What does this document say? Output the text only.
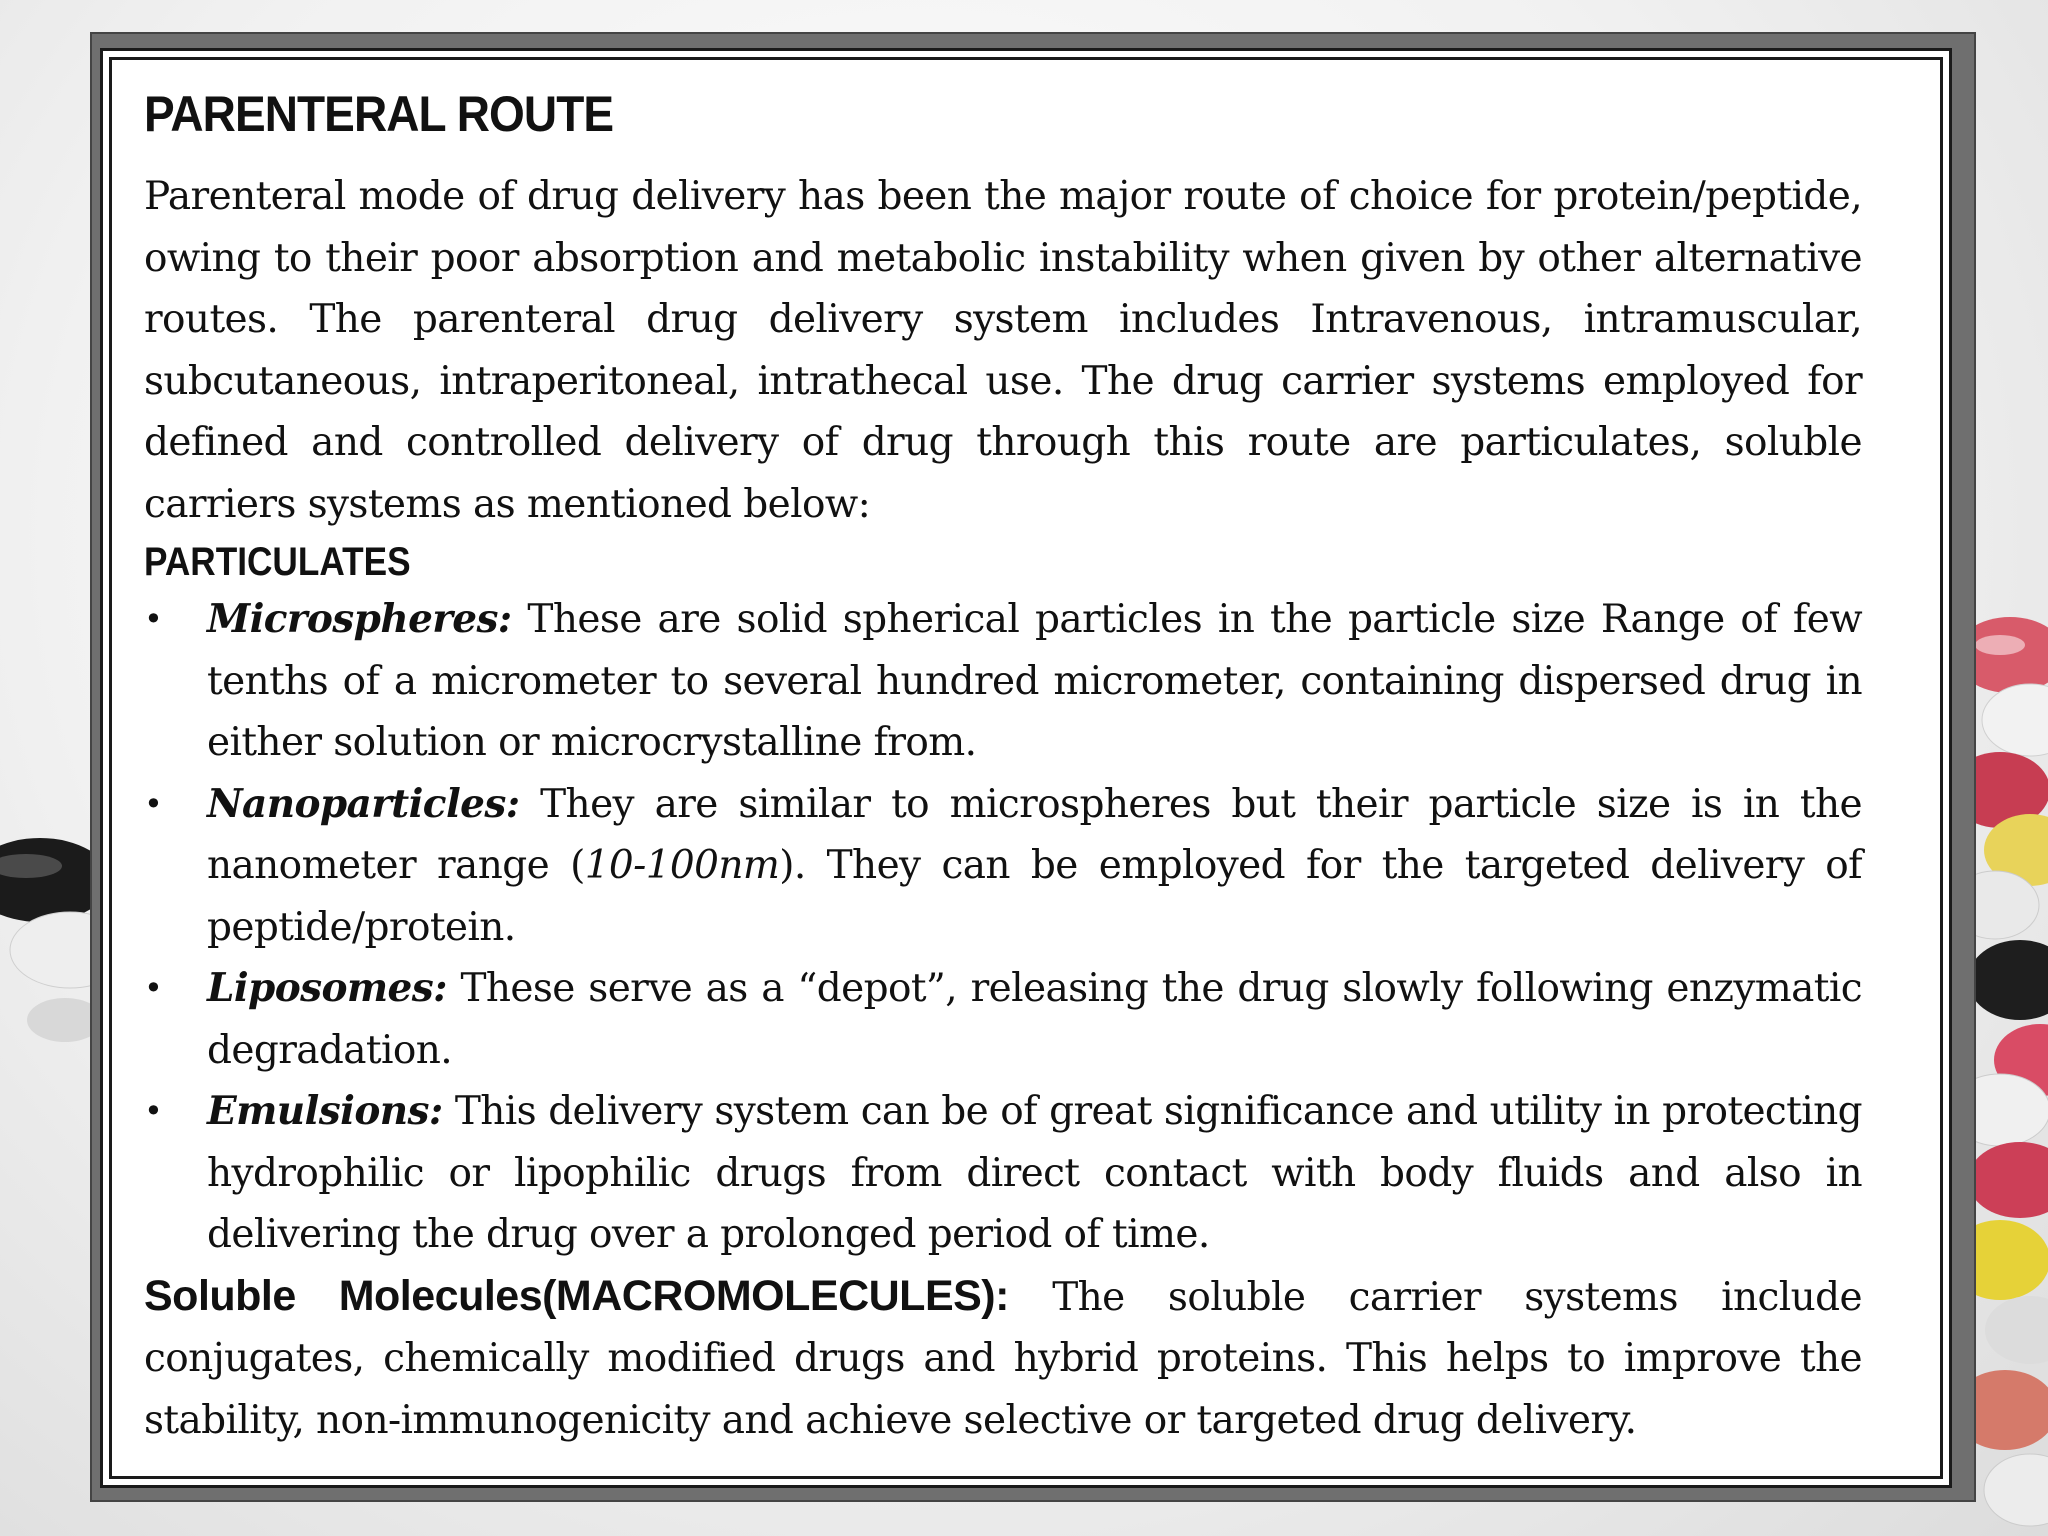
PARENTERAL ROUTE

Parenteral mode of drug delivery has been the major route of choice for protein/peptide, owing to their poor absorption and metabolic instability when given by other alternative routes. The parenteral drug delivery system includes Intravenous, intramuscular, subcutaneous, intraperitoneal, intrathecal use. The drug carrier systems employed for defined and controlled delivery of drug through this route are particulates, soluble carriers systems as mentioned below:

PARTICULATES
• Microspheres: These are solid spherical particles in the particle size Range of few tenths of a micrometer to several hundred micrometer, containing dispersed drug in either solution or microcrystalline from.
• Nanoparticles: They are similar to microspheres but their particle size is in the nanometer range (10-100nm). They can be employed for the targeted delivery of peptide/protein.
• Liposomes: These serve as a “depot”, releasing the drug slowly following enzymatic degradation.
• Emulsions: This delivery system can be of great significance and utility in protecting hydrophilic or lipophilic drugs from direct contact with body fluids and also in delivering the drug over a prolonged period of time.

Soluble Molecules(MACROMOLECULES): The soluble carrier systems include conjugates, chemically modified drugs and hybrid proteins. This helps to improve the stability, non-immunogenicity and achieve selective or targeted drug delivery.
